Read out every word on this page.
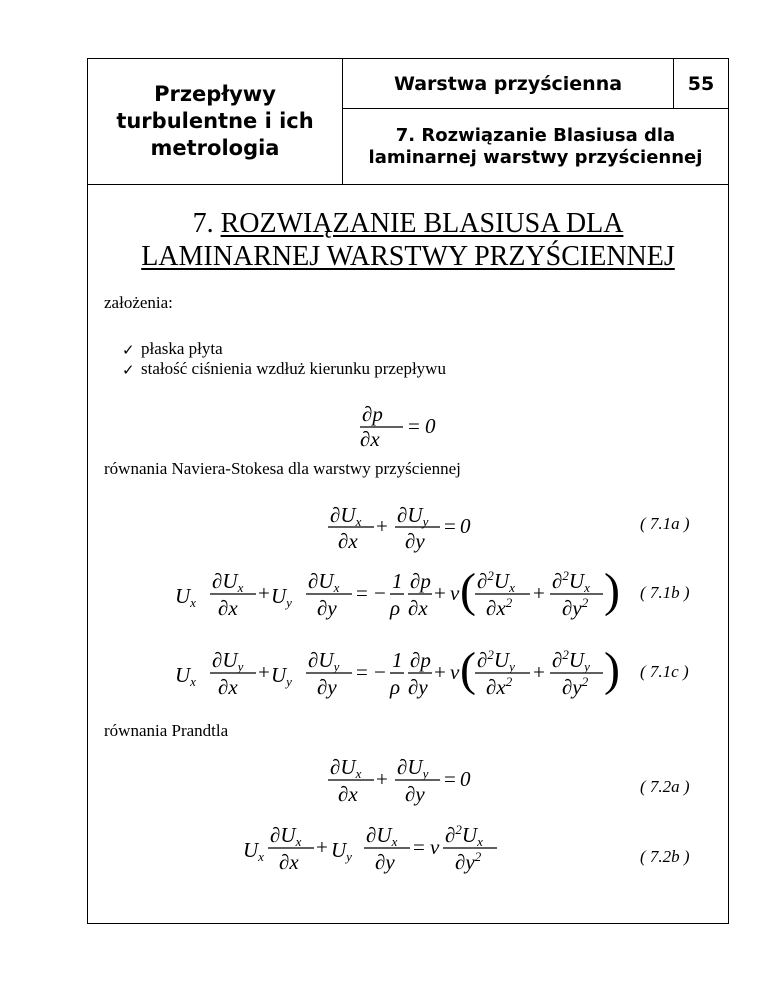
Przepływy turbulentne i ich metrologia
Warstwa przyścienna	55
7. Rozwiązanie Blasiusa dla laminarnej warstwy przyściennej
7. ROZWIĄZANIE BLASIUSA DLA
LAMINARNEJ WARSTWY PRZYŚCIENNEJ
założenia:
✓ płaska płyta
✓ stałość ciśnienia wzdłuż kierunku przepływu
równania Naviera-Stokesa dla warstwy przyściennej
równania Prandtla
( 7.1a )
( 7.1b )
( 7.1c )
( 7.2a )
( 7.2b )
∂p
∂x
= 0
∂Ux
∂x
+ ∂Uy
∂y
= 0
Ux
∂Ux
∂x
+ Uy
∂Ux
∂y
= − 1
ρ
∂p
∂x
+ ν ( ∂$^2$Ux
$\partial x^2 + \partial^2Ux$
$\partial y^2$ )
Ux
∂Uy
∂x
+ Uy
∂Uy
∂y
= − 1
ρ
∂p
∂y
+ ν ( ∂$^2$Uy
$\partial x^2 + \partial^2Uy$
$\partial y^2$ )
∂Ux
∂x
+ ∂Uy
∂y
= 0
Ux
∂Ux
∂x
+ Uy
∂Ux
∂y
= ν ∂$^2$Ux
$\partial y^2$
